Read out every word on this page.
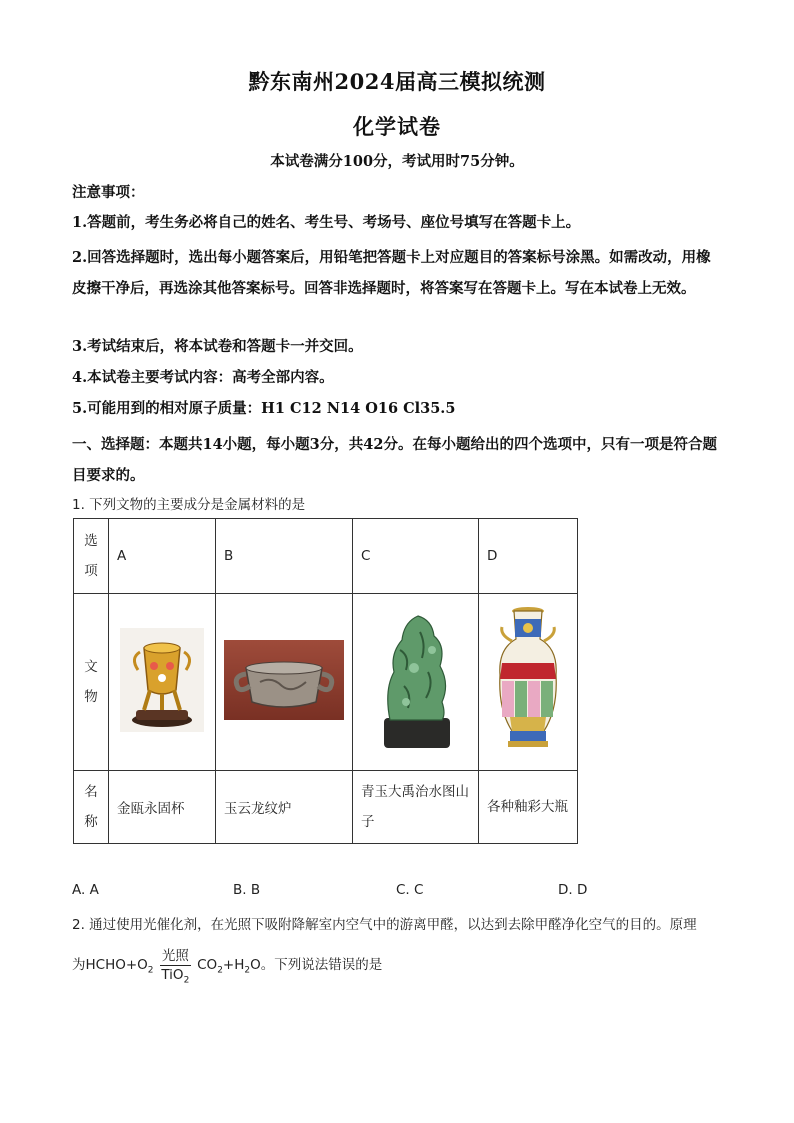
黔东南州2024届高三模拟统测
化学试卷
本试卷满分100分，考试用时75分钟。
注意事项：
1.答题前，考生务必将自己的姓名、考生号、考场号、座位号填写在答题卡上。
2.回答选择题时，选出每小题答案后，用铅笔把答题卡上对应题目的答案标号涂黑。如需改动，用橡皮擦干净后，再选涂其他答案标号。回答非选择题时，将答案写在答题卡上。写在本试卷上无效。
3.考试结束后，将本试卷和答题卡一并交回。
4.本试卷主要考试内容：高考全部内容。
5.可能用到的相对原子质量：H1 C12 N14 O16 Cl35.5
一、选择题：本题共14小题，每小题3分，共42分。在每小题给出的四个选项中，只有一项是符合题目要求的。
1. 下列文物的主要成分是金属材料的是
选项	A	B	C	D
文物				
名称	金瓯永固杯	玉云龙纹炉	青玉大禹治水图山子	各种釉彩大瓶
A. A	B. B	C. C	D. D
2. 通过使用光催化剂，在光照下吸附降解室内空气中的游离甲醛，以达到去除甲醛净化空气的目的。原理
为$HCHO+O_2 \frac{\text{光照}}{TiO_2} CO_2+H_2O$。下列说法错误的是
